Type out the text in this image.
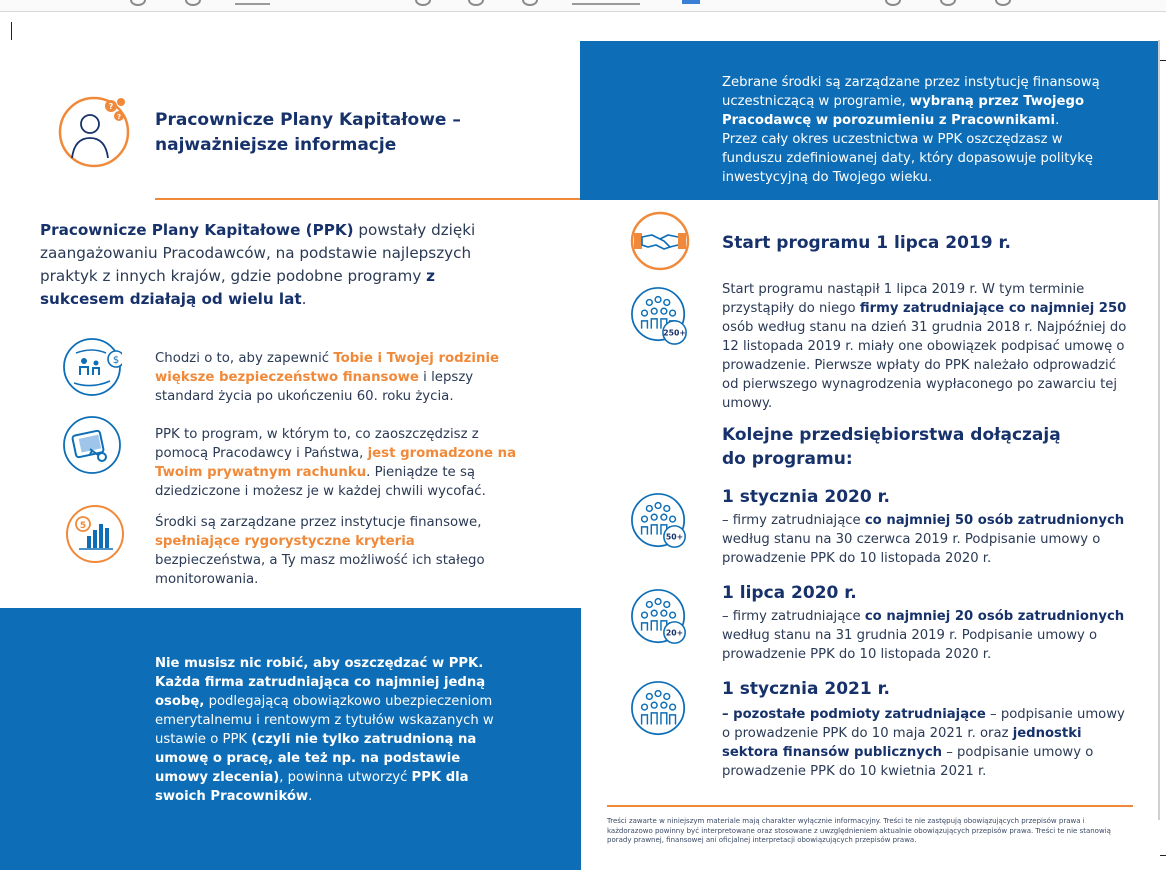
Zebrane środki są zarządzane przez instytucję finansową uczestniczącą w programie, wybraną przez Twojego Pracodawcę w porozumieniu z Pracownikami.
Przez cały okres uczestnictwa w PPK oszczędzasz w funduszu zdefiniowanej daty, który dopasowuje politykę inwestycyjną do Twojego wieku.
?
? Pracownicze Plany Kapitałowe –
najważniejsze informacje
Pracownicze Plany Kapitałowe (PPK) powstały dzięki zaangażowaniu Pracodawców, na podstawie najlepszych praktyk z innych krajów, gdzie podobne programy z sukcesem działają od wielu lat.
$	Chodzi o to, aby zapewnić Tobie i Twojej rodzinie większe bezpieczeństwo finansowe i lepszy standard życia po ukończeniu 60. roku życia.
PPK to program, w którym to, co zaoszczędzisz z pomocą Pracodawcy i Państwa, jest gromadzone na Twoim prywatnym rachunku. Pieniądze te są dziedziczone i możesz je w każdej chwili wycofać.
5	Środki są zarządzane przez instytucje finansowe, spełniające rygorystyczne kryteria bezpieczeństwa, a Ty masz możliwość ich stałego monitorowania.
Nie musisz nic robić, aby oszczędzać w PPK.
Każda firma zatrudniająca co najmniej jedną osobę, podlegającą obowiązkowo ubezpieczeniom emerytalnemu i rentowym z tytułów wskazanych w ustawie o PPK (czyli nie tylko zatrudnioną na umowę o pracę, ale też np. na podstawie umowy zlecenia), powinna utworzyć PPK dla swoich Pracowników.
Start programu 1 lipca 2019 r.
250+
Start programu nastąpił 1 lipca 2019 r. W tym terminie przystąpiły do niego firmy zatrudniające co najmniej 250 osób według stanu na dzień 31 grudnia 2018 r. Najpóźniej do 12 listopada 2019 r. miały one obowiązek podpisać umowę o prowadzenie. Pierwsze wpłaty do PPK należało odprowadzić od pierwszego wynagrodzenia wypłaconego po zawarciu tej umowy.
Kolejne przedsiębiorstwa dołączają
do programu:
50+
1 stycznia 2020 r.
– firmy zatrudniające co najmniej 50 osób zatrudnionych według stanu na 30 czerwca 2019 r. Podpisanie umowy o prowadzenie PPK do 10 listopada 2020 r.
20+
1 lipca 2020 r.
– firmy zatrudniające co najmniej 20 osób zatrudnionych według stanu na 31 grudnia 2019 r. Podpisanie umowy o prowadzenie PPK do 10 listopada 2020 r.
1 stycznia 2021 r.
– pozostałe podmioty zatrudniające – podpisanie umowy o prowadzenie PPK do 10 maja 2021 r. oraz jednostki sektora finansów publicznych – podpisanie umowy o prowadzenie PPK do 10 kwietnia 2021 r.
Treści zawarte w niniejszym materiale mają charakter wyłącznie informacyjny. Treści te nie zastępują obowiązujących przepisów prawa i każdorazowo powinny być interpretowane oraz stosowane z uwzględnieniem aktualnie obowiązujących przepisów prawa. Treści te nie stanowią porady prawnej, finansowej ani oficjalnej interpretacji obowiązujących przepisów prawa.
